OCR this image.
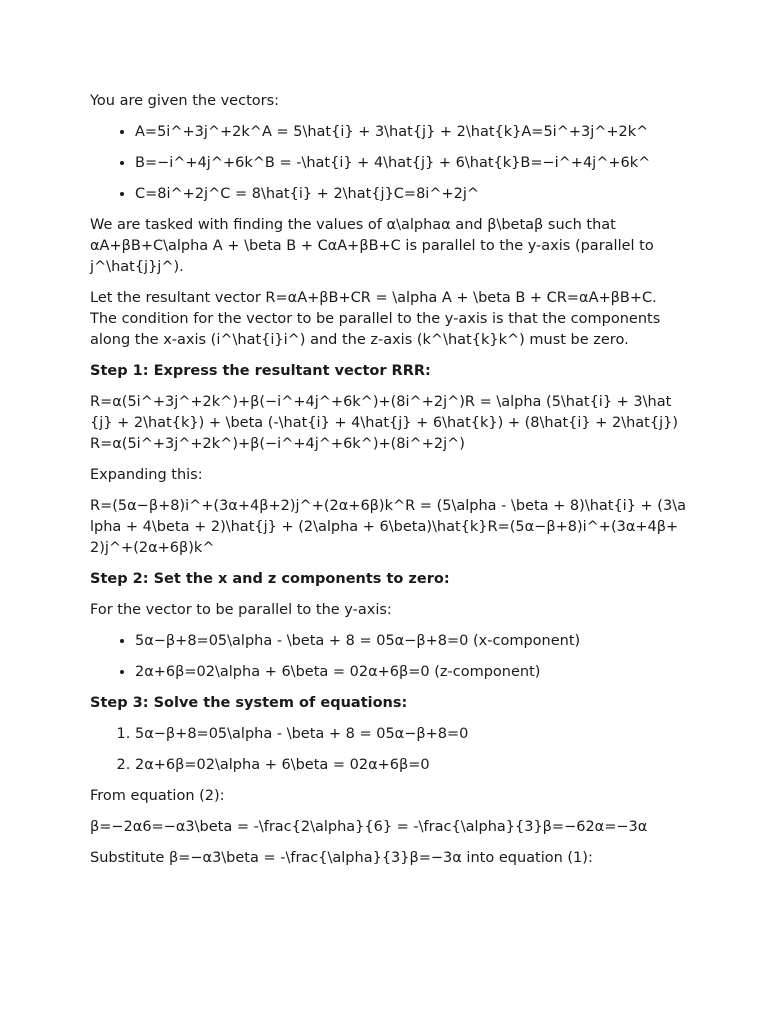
You are given the vectors:

• A=5i^+3j^+2k^A = 5\hat{i} + 3\hat{j} + 2\hat{k}A=5i^+3j^+2k^
• B=−i^+4j^+6k^B = -\hat{i} + 4\hat{j} + 6\hat{k}B=−i^+4j^+6k^
• C=8i^+2j^C = 8\hat{i} + 2\hat{j}C=8i^+2j^

We are tasked with finding the values of α\alphaα and β\betaβ such that αA+βB+C\alpha A + \beta B + CαA+βB+C is parallel to the y-axis (parallel to j^\hat{j}j^).

Let the resultant vector R=αA+βB+CR = \alpha A + \beta B + CR=αA+βB+C. The condition for the vector to be parallel to the y-axis is that the components along the x-axis (i^\hat{i}i^) and the z-axis (k^\hat{k}k^) must be zero.

Step 1: Express the resultant vector RRR:

R=α(5i^+3j^+2k^)+β(−i^+4j^+6k^)+(8i^+2j^)R = \alpha (5\hat{i} + 3\hat{j} + 2\hat{k}) + \beta (-\hat{i} + 4\hat{j} + 6\hat{k}) + (8\hat{i} + 2\hat{j})R=α(5i^+3j^+2k^)+β(−i^+4j^+6k^)+(8i^+2j^)

Expanding this:

R=(5α−β+8)i^+(3α+4β+2)j^+(2α+6β)k^R = (5\alpha - \beta + 8)\hat{i} + (3\alpha + 4\beta + 2)\hat{j} + (2\alpha + 6\beta)\hat{k}R=(5α−β+8)i^+(3α+4β+2)j^+(2α+6β)k^

Step 2: Set the x and z components to zero:

For the vector to be parallel to the y-axis:

• 5α−β+8=05\alpha - \beta + 8 = 05α−β+8=0 (x-component)
• 2α+6β=02\alpha + 6\beta = 02α+6β=0 (z-component)
Step 3: Solve the system of equations:
1. 5α−β+8=05\alpha - \beta + 8 = 05α−β+8=0
2. 2α+6β=02\alpha + 6\beta = 02α+6β=0

From equation (2):

β=−2α6=−α3\beta = -\frac{2\alpha}{6} = -\frac{\alpha}{3}β=−62α​=−3α​

Substitute β=−α3\beta = -\frac{\alpha}{3}β=−3α​ into equation (1):
